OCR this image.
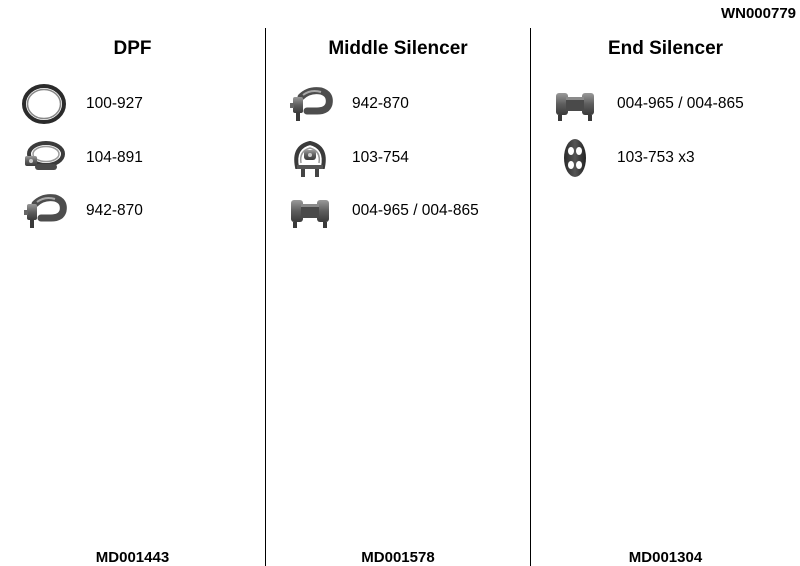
WN000779
DPF
100-927
104-891
942-870
MD001443
Middle Silencer
942-870
103-754
004-965 / 004-865
MD001578
End Silencer
004-965 / 004-865
103-753 x3
MD001304
